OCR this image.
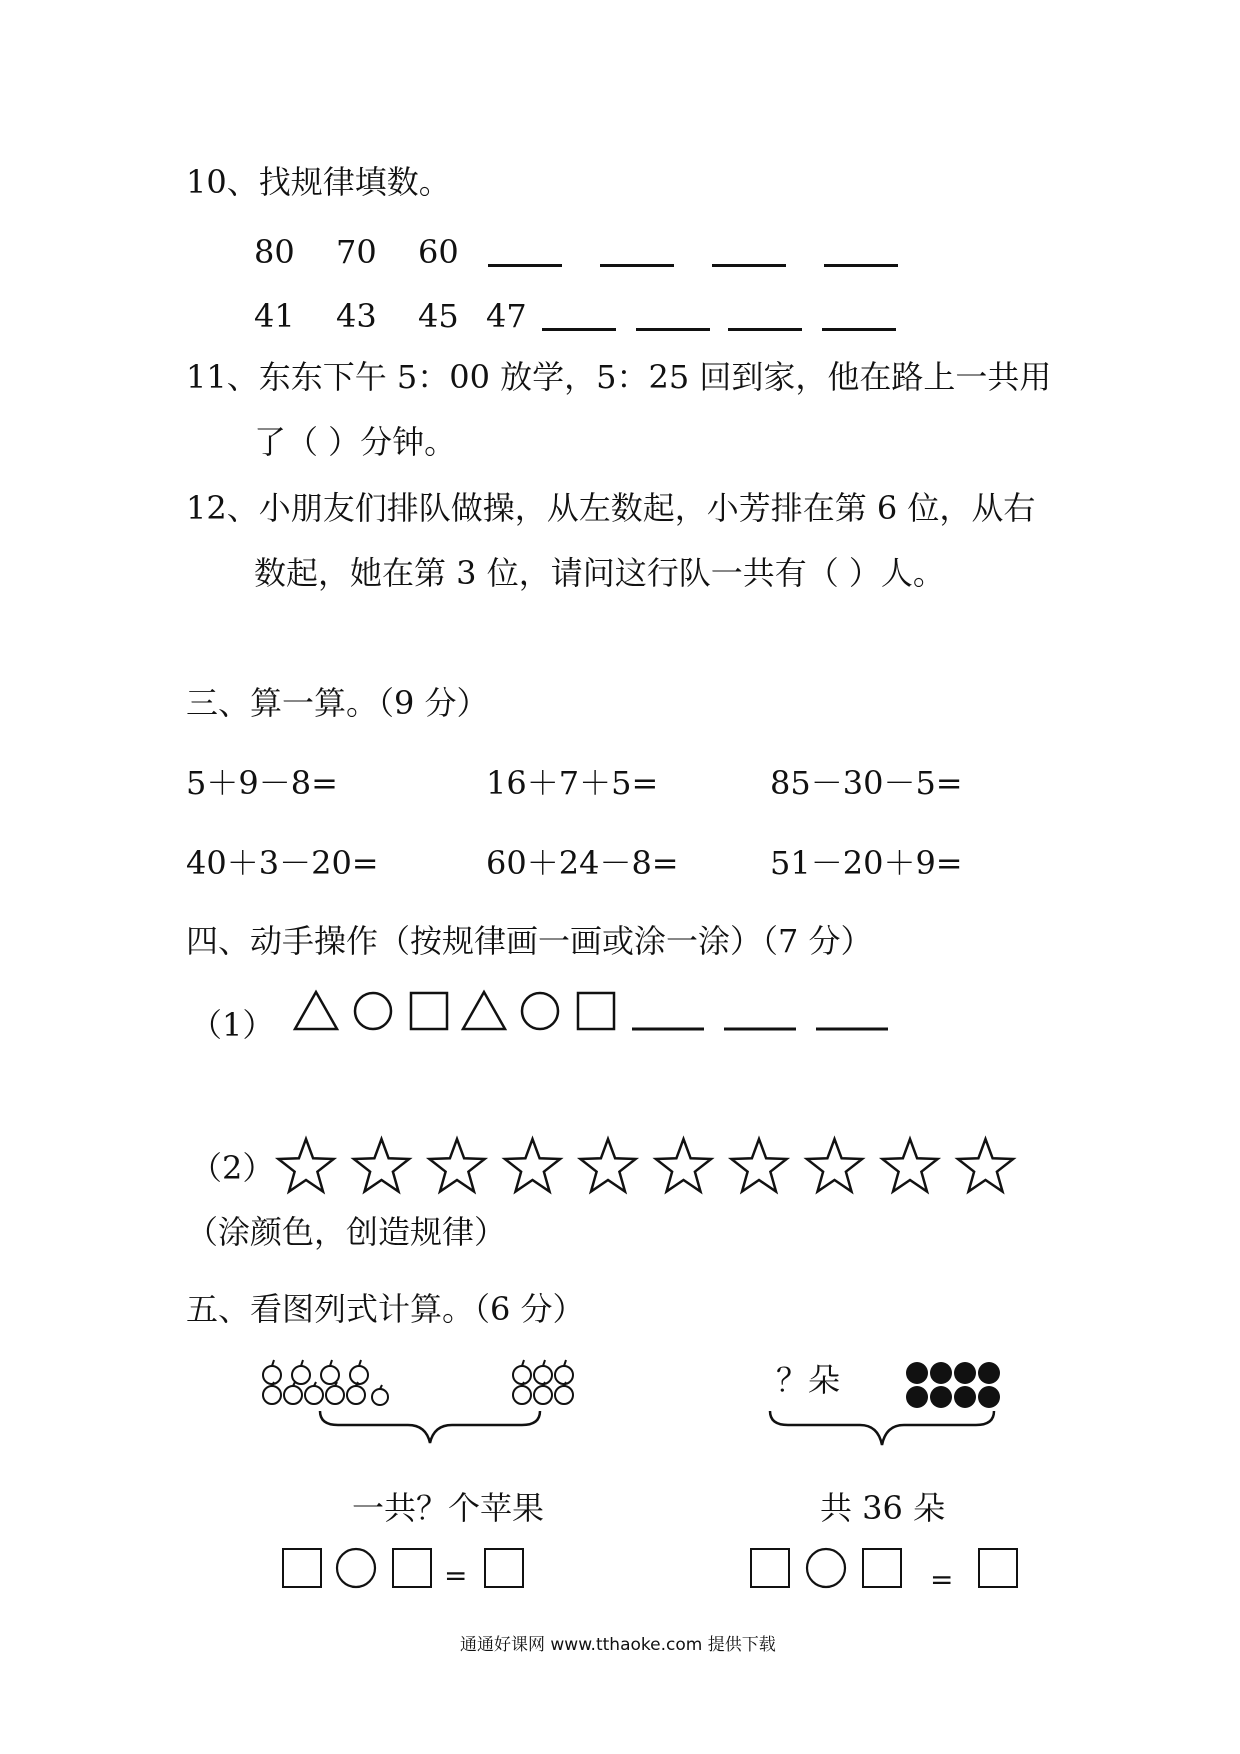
10、找规律填数。
80 70 60
41 43 45 47
11、东东下午 5：00 放学，5：25 回到家，他在路上一共用
了（ ）分钟。
12、小朋友们排队做操，从左数起，小芳排在第 6 位，从右
数起，她在第 3 位，请问这行队一共有（ ）人。
三、算一算。（9 分）
5＋9－8=	16＋7＋5=	85－30－5=
40＋3－20=	60＋24－8=	51－20＋9=
四、动手操作（按规律画一画或涂一涂）（7 分）
（1）
（2）
（涂颜色，创造规律）
五、看图列式计算。（6 分）
一共？个苹果
？朵
共 36 朵
=	=
通通好课网 www.tthaoke.com 提供下载
